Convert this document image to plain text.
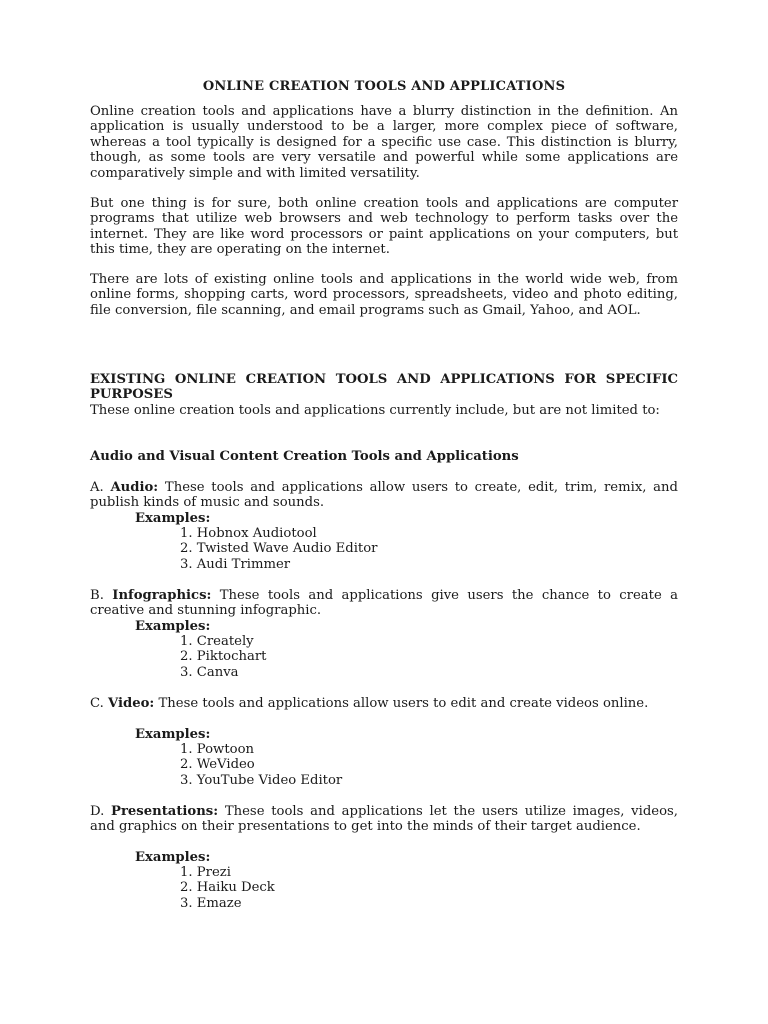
ONLINE CREATION TOOLS AND APPLICATIONS

Online creation tools and applications have a blurry distinction in the definition. An application is usually understood to be a larger, more complex piece of software, whereas a tool typically is designed for a specific use case. This distinction is blurry, though, as some tools are very versatile and powerful while some applications are comparatively simple and with limited versatility.

But one thing is for sure, both online creation tools and applications are computer programs that utilize web browsers and web technology to perform tasks over the internet. They are like word processors or paint applications on your computers, but this time, they are operating on the internet.

There are lots of existing online tools and applications in the world wide web, from online forms, shopping carts, word processors, spreadsheets, video and photo editing, file conversion, file scanning, and email programs such as Gmail, Yahoo, and AOL.

EXISTING ONLINE CREATION TOOLS AND APPLICATIONS FOR SPECIFIC PURPOSES

These online creation tools and applications currently include, but are not limited to:

Audio and Visual Content Creation Tools and Applications

A. Audio: These tools and applications allow users to create, edit, trim, remix, and publish kinds of music and sounds.

Examples:

1. Hobnox Audiotool
2. Twisted Wave Audio Editor
3. Audi Trimmer

B. Infographics: These tools and applications give users the chance to create a creative and stunning infographic.

Examples:

1. Creately
2. Piktochart
3. Canva

C. Video: These tools and applications allow users to edit and create videos online.

Examples:

1. Powtoon
2. WeVideo
3. YouTube Video Editor

D. Presentations: These tools and applications let the users utilize images, videos, and graphics on their presentations to get into the minds of their target audience.

Examples:

1. Prezi
2. Haiku Deck
3. Emaze
